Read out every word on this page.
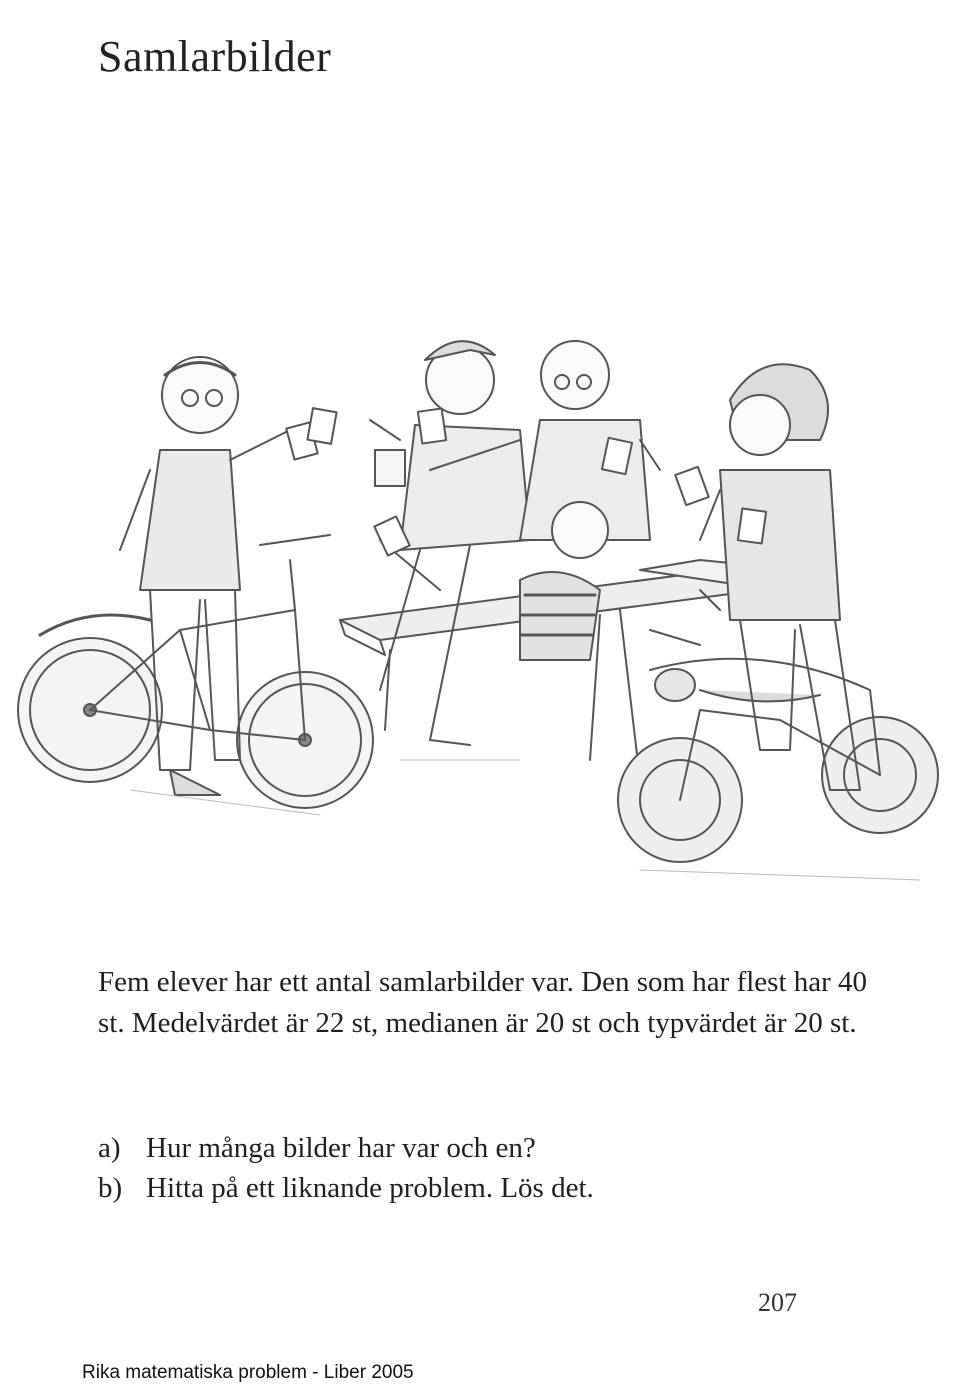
Samlarbilder

Fem elever har ett antal samlarbilder var. Den som har flest har 40 st. Medelvärdet är 22 st, medianen är 20 st och typvärdet är 20 st.

a) Hur många bilder har var och en?
b) Hitta på ett liknande problem. Lös det.
207
Rika matematiska problem - Liber 2005
